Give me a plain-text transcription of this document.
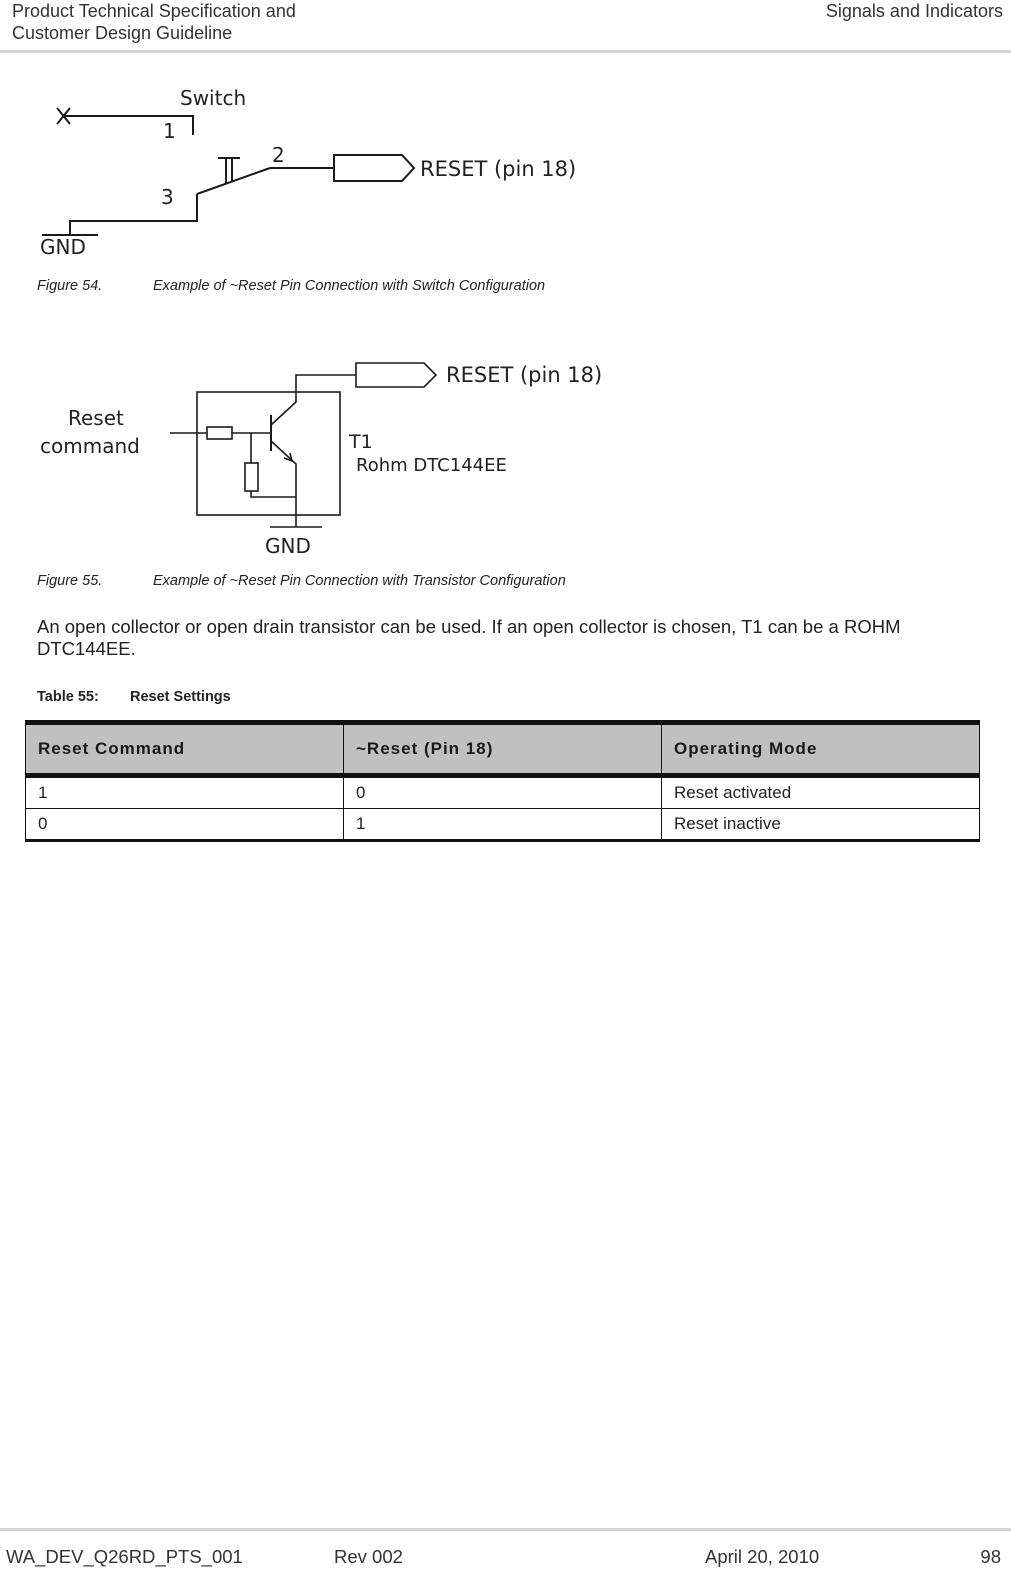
Product Technical Specification and
Customer Design Guideline
Signals and Indicators
Switch
1
2
3
RESET (pin 18)
GND
Figure 54.	Example of ~Reset Pin Connection with Switch Configuration
Reset
command	T1
Rohm DTC144EE
RESET (pin 18)
GND
Figure 55.	Example of ~Reset Pin Connection with Transistor Configuration
An open collector or open drain transistor can be used. If an open collector is chosen, T1 can be a ROHM DTC144EE.
Table 55: Reset Settings
Reset Command	~Reset (Pin 18)	Operating Mode
1	0	Reset activated
0	1	Reset inactive
WA_DEV_Q26RD_PTS_001	Rev 002	April 20, 2010	98
